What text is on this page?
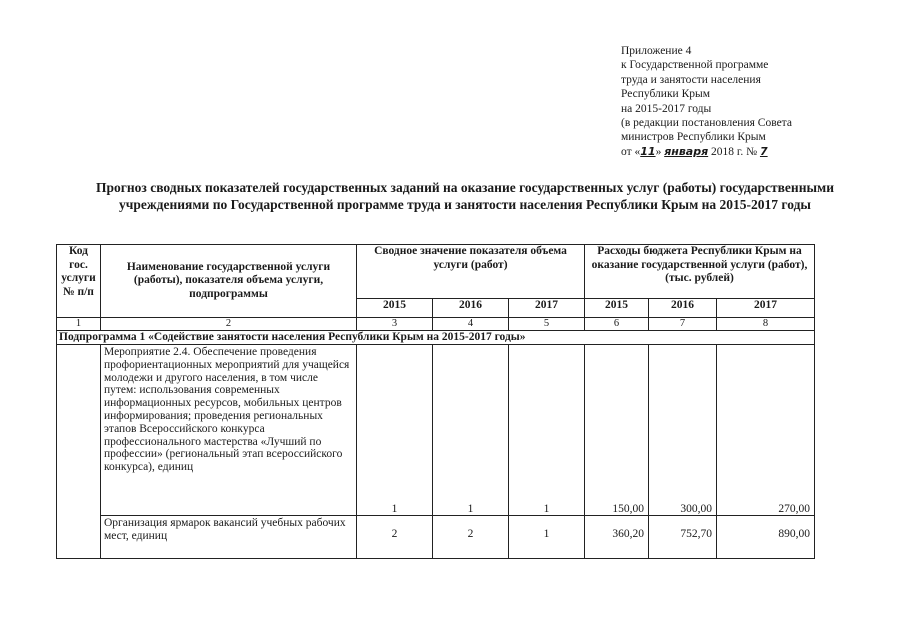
Приложение 4
к Государственной программе
труда и занятости населения
Республики Крым
на 2015-2017 годы
(в редакции постановления Совета
министров Республики Крым
от «11» января 2018 г. № 7
Прогноз сводных показателей государственных заданий на оказание государственных услуг (работы) государственными учреждениями по Государственной программе труда и занятости населения Республики Крым на 2015-2017 годы
Код гос. услуги № п/п	Наименование государственной услуги (работы), показателя объема услуги, подпрограммы	Сводное значение показателя объема услуги (работ)			Расходы бюджета Республики Крым на оказание государственной услуги (работ), (тыс. рублей)		
		2015	2016	2017	2015	2016	2017
1	2	3	4	5	6	7	8
Подпрограмма 1 «Содействие занятости населения Республики Крым на 2015-2017 годы»							
	Мероприятие 2.4. Обеспечение проведения профориентационных мероприятий для учащейся молодежи и другого населения, в том числе путем: использования современных информационных ресурсов, мобильных центров информирования; проведения региональных этапов Всероссийского конкурса профессионального мастерства «Лучший по профессии» (региональный этап всероссийского конкурса), единиц	1	1	1	150,00	300,00	270,00
	Организация ярмарок вакансий учебных рабочих мест, единиц	2	2	1	360,20	752,70	890,00
